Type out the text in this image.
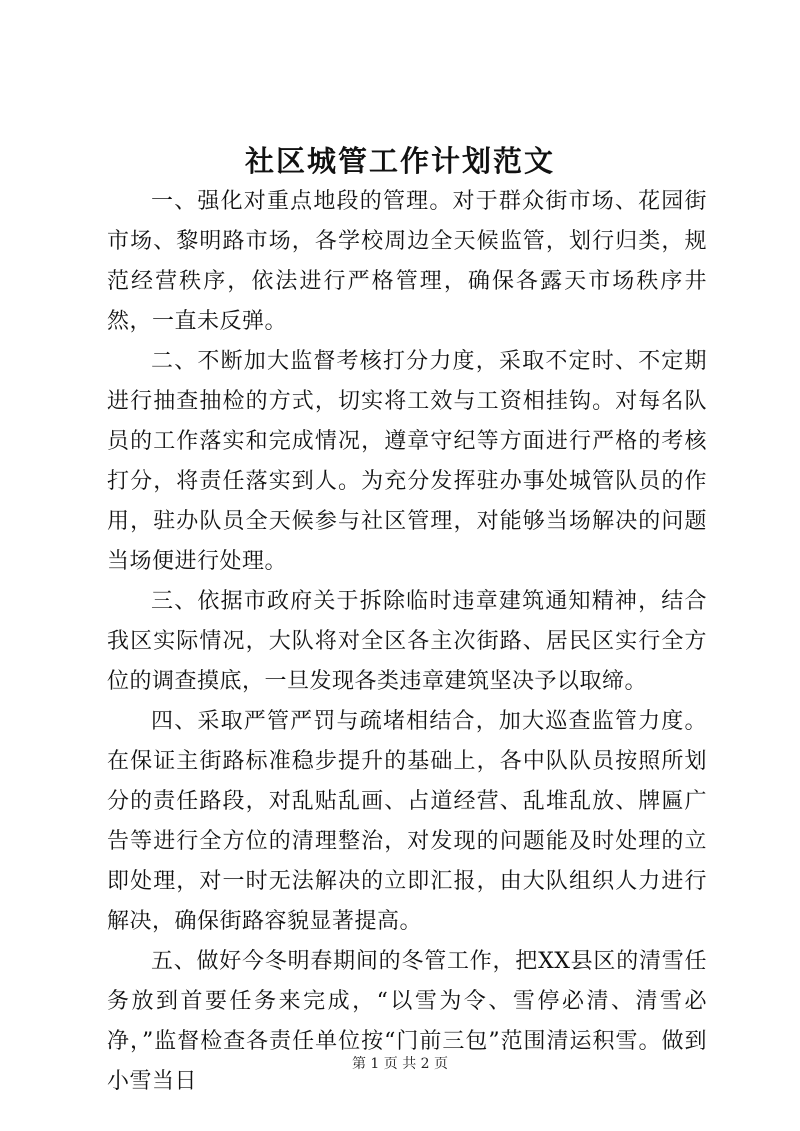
社区城管工作计划范文

一、强化对重点地段的管理。对于群众街市场、花园街市场、黎明路市场，各学校周边全天候监管，划行归类，规范经营秩序，依法进行严格管理，确保各露天市场秩序井然，一直未反弹。

二、不断加大监督考核打分力度，采取不定时、不定期进行抽查抽检的方式，切实将工效与工资相挂钩。对每名队员的工作落实和完成情况，遵章守纪等方面进行严格的考核打分，将责任落实到人。为充分发挥驻办事处城管队员的作用，驻办队员全天候参与社区管理，对能够当场解决的问题当场便进行处理。

三、依据市政府关于拆除临时违章建筑通知精神，结合我区实际情况，大队将对全区各主次街路、居民区实行全方位的调查摸底，一旦发现各类违章建筑坚决予以取缔。

四、采取严管严罚与疏堵相结合，加大巡查监管力度。在保证主街路标准稳步提升的基础上，各中队队员按照所划分的责任路段，对乱贴乱画、占道经营、乱堆乱放、牌匾广告等进行全方位的清理整治，对发现的问题能及时处理的立即处理，对一时无法解决的立即汇报，由大队组织人力进行解决，确保街路容貌显著提高。

五、做好今冬明春期间的冬管工作，把XX县区的清雪任务放到首要任务来完成，“以雪为令、雪停必清、清雪必净，”监督检查各责任单位按“门前三包”范围清运积雪。做到小雪当日

第 1 页 共 2 页
